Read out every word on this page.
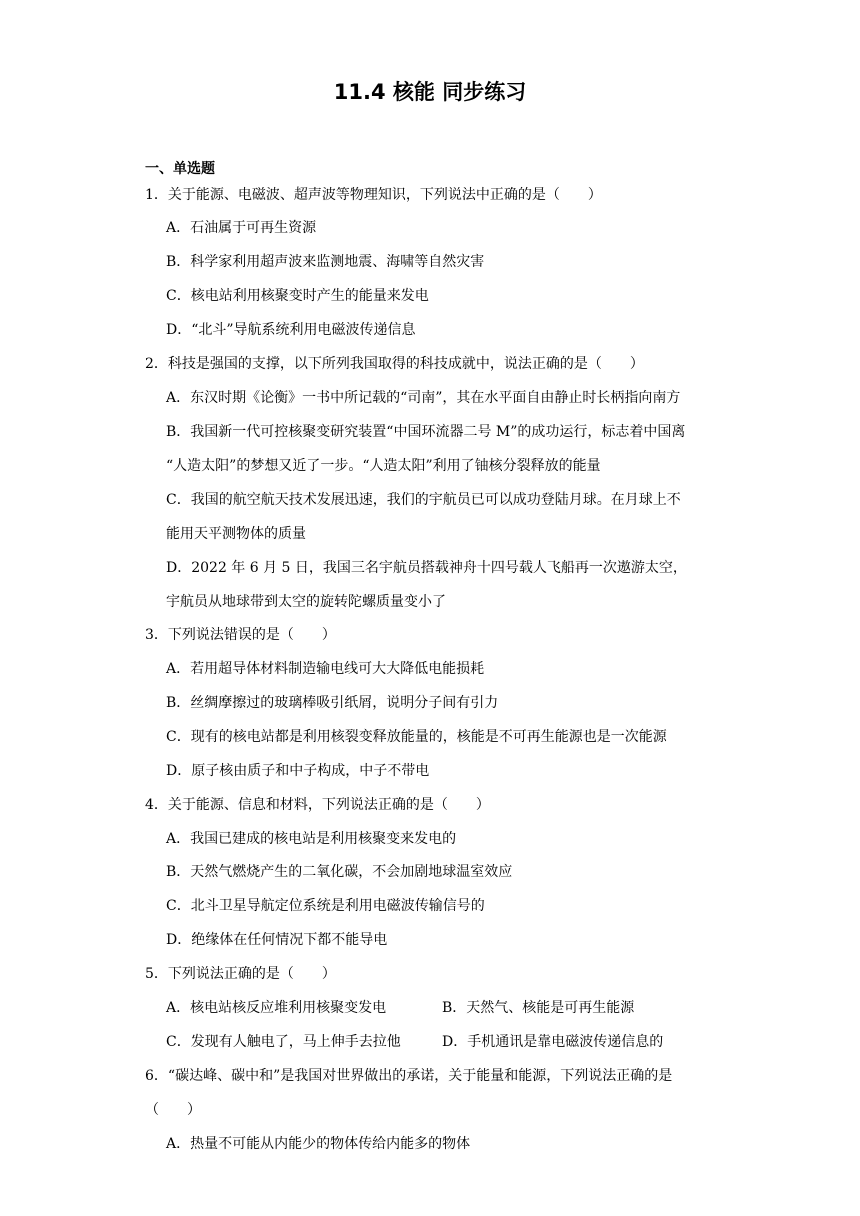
11.4 核能 同步练习
一、单选题
1．关于能源、电磁波、超声波等物理知识，下列说法中正确的是（　　）
A．石油属于可再生资源
B．科学家利用超声波来监测地震、海啸等自然灾害
C．核电站利用核聚变时产生的能量来发电
D．“北斗”导航系统利用电磁波传递信息
2．科技是强国的支撑，以下所列我国取得的科技成就中，说法正确的是（　　）
A．东汉时期《论衡》一书中所记载的“司南”，其在水平面自由静止时长柄指向南方
B．我国新一代可控核聚变研究装置“中国环流器二号 M”的成功运行，标志着中国离
“人造太阳”的梦想又近了一步。“人造太阳”利用了铀核分裂释放的能量
C．我国的航空航天技术发展迅速，我们的宇航员已可以成功登陆月球。在月球上不
能用天平测物体的质量
D．2022 年 6 月 5 日，我国三名宇航员搭载神舟十四号载人飞船再一次遨游太空，
宇航员从地球带到太空的旋转陀螺质量变小了
3．下列说法错误的是（　　）
A．若用超导体材料制造输电线可大大降低电能损耗
B．丝绸摩擦过的玻璃棒吸引纸屑，说明分子间有引力
C．现有的核电站都是利用核裂变释放能量的，核能是不可再生能源也是一次能源
D．原子核由质子和中子构成，中子不带电
4．关于能源、信息和材料，下列说法正确的是（　　）
A．我国已建成的核电站是利用核聚变来发电的
B．天然气燃烧产生的二氧化碳，不会加剧地球温室效应
C．北斗卫星导航定位系统是利用电磁波传输信号的
D．绝缘体在任何情况下都不能导电
5．下列说法正确的是（　　）
A．核电站核反应堆利用核聚变发电	B．天然气、核能是可再生能源
C．发现有人触电了，马上伸手去拉他	D．手机通讯是靠电磁波传递信息的
6．“碳达峰、碳中和”是我国对世界做出的承诺，关于能量和能源，下列说法正确的是
（　　）
A．热量不可能从内能少的物体传给内能多的物体
